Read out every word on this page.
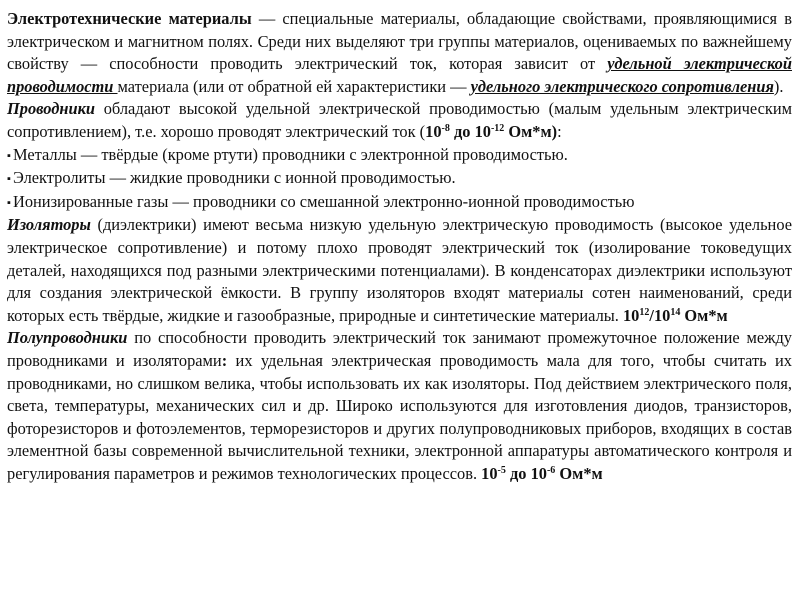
Электротехнические материалы — специальные материалы, обладающие свойствами, проявляющимися в электрическом и магнитном полях. Среди них выделяют три группы материалов, оцениваемых по важнейшему свойству — способности проводить электрический ток, которая зависит от удельной электрической проводимости материала (или от обратной ей характеристики — удельного электрического сопротивления).

Проводники обладают высокой удельной электрической проводимостью (малым удельным электрическим сопротивлением), т.е. хорошо проводят электрический ток ($10^{-8}$ до $10^{-12}$ Ом*м):

▪ Металлы — твёрдые (кроме ртути) проводники с электронной проводимостью.

▪ Электролиты — жидкие проводники с ионной проводимостью.

▪ Ионизированные газы — проводники со смешанной электронно-ионной проводимостью

Изоляторы (диэлектрики) имеют весьма низкую удельную электрическую проводимость (высокое удельное электрическое сопротивление) и потому плохо проводят электрический ток (изолирование токоведущих деталей, находящихся под разными электрическими потенциалами). В конденсаторах диэлектрики используют для создания электрической ёмкости. В группу изоляторов входят материалы сотен наименований, среди которых есть твёрдые, жидкие и газообразные, природные и синтетические материалы. $10^{12}/10^{14}$ Ом*м

Полупроводники по способности проводить электрический ток занимают промежуточное положение между проводниками и изоляторами: их удельная электрическая проводимость мала для того, чтобы считать их проводниками, но слишком велика, чтобы использовать их как изоляторы. Под действием электрического поля, света, температуры, механических сил и др. Широко используются для изготовления диодов, транзисторов, фоторезисторов и фотоэлементов, терморезисторов и других полупроводниковых приборов, входящих в состав элементной базы современной вычислительной техники, электронной аппаратуры автоматического контроля и регулирования параметров и режимов технологических процессов. $10^{-5}$ до $10^{-6}$ Ом*м
